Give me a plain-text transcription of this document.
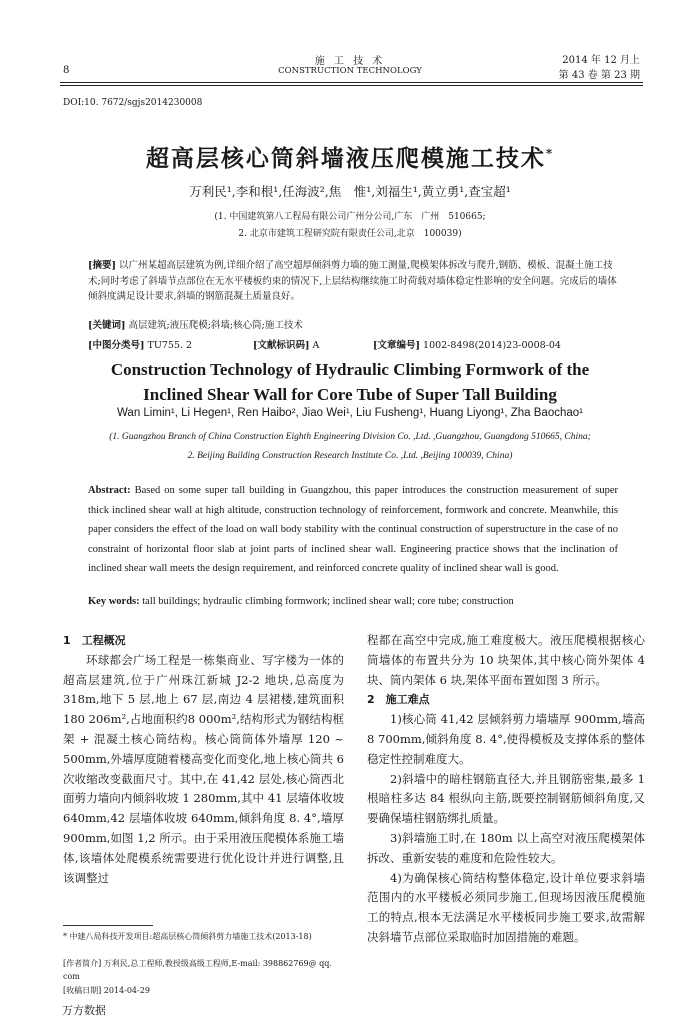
施 工 技 术
CONSTRUCTION TECHNOLOGY
8
2014 年 12 月上
第 43 卷 第 23 期
DOI:10. 7672/sgjs2014230008
超高层核心筒斜墙液压爬模施工技术*
万利民¹,李和根¹,任海波²,焦　惟¹,刘福生¹,黄立勇¹,查宝超¹
(1. 中国建筑第八工程局有限公司广州分公司,广东　广州　510665;
2. 北京市建筑工程研究院有限责任公司,北京　100039)
[摘要] 以广州某超高层建筑为例,详细介绍了高空超厚倾斜剪力墙的施工测量,爬模架体拆改与爬升,钢筋、模板、混凝土施工技术;同时考虑了斜墙节点部位在无水平楼板约束的情况下,上层结构继续施工时荷载对墙体稳定性影响的安全问题。完成后的墙体倾斜度满足设计要求,斜墙的钢筋混凝土质量良好。
[关键词] 高层建筑;液压爬模;斜墙;核心筒;施工技术
[中图分类号] TU755. 2	[文献标识码] A	[文章编号] 1002-8498(2014)23-0008-04
Construction Technology of Hydraulic Climbing Formwork of the
Inclined Shear Wall for Core Tube of Super Tall Building
Wan Limin¹, Li Hegen¹, Ren Haibo², Jiao Wei¹, Liu Fusheng¹, Huang Liyong¹, Zha Baochao¹
(1. Guangzhou Branch of China Construction Eighth Engineering Division Co. ,Ltd. ,Guangzhou, Guangdong 510665, China;
2. Beijing Building Construction Research Institute Co. ,Ltd. ,Beijing 100039, China)
Abstract: Based on some super tall building in Guangzhou, this paper introduces the construction measurement of super thick inclined shear wall at high altitude, construction technology of reinforcement, formwork and concrete. Meanwhile, this paper considers the effect of the load on wall body stability with the continual construction of superstructure in the case of no constraint of horizontal floor slab at joint parts of inclined shear wall. Engineering practice shows that the inclination of inclined shear wall meets the design requirement, and reinforced concrete quality of inclined shear wall is good.
Key words: tall buildings; hydraulic climbing formwork; inclined shear wall; core tube; construction
1　工程概况

环球都会广场工程是一栋集商业、写字楼为一体的超高层建筑,位于广州珠江新城 J2-2 地块,总高度为 318m,地下 5 层,地上 67 层,南边 4 层裙楼,建筑面积180 206m²,占地面积约8 000m²,结构形式为钢结构框架 + 混凝土核心筒结构。核心筒筒体外墙厚 120 ~ 500mm,外墙厚度随着楼高变化而变化,地上核心筒共 6 次收缩改变截面尺寸。其中,在 41,42 层处,核心筒西北面剪力墙向内倾斜收坡 1 280mm,其中 41 层墙体收坡 640mm,42 层墙体收坡 640mm,倾斜角度 8. 4°,墙厚 900mm,如图 1,2 所示。由于采用液压爬模体系施工墙体,该墙体处爬模系统需要进行优化设计并进行调整,且该调整过

程都在高空中完成,施工难度极大。液压爬模根据核心筒墙体的布置共分为 10 块架体,其中核心筒外架体 4 块、筒内架体 6 块,架体平面布置如图 3 所示。

2　施工难点

1)核心筒 41,42 层倾斜剪力墙墙厚 900mm,墙高8 700mm,倾斜角度 8. 4°,使得模板及支撑体系的整体稳定性控制难度大。

2)斜墙中的暗柱钢筋直径大,并且钢筋密集,最多 1 根暗柱多达 84 根纵向主筋,既要控制钢筋倾斜角度,又要确保墙柱钢筋绑扎质量。

3)斜墙施工时,在 180m 以上高空对液压爬模架体拆改、重新安装的难度和危险性较大。

4)为确保核心筒结构整体稳定,设计单位要求斜墙范围内的水平楼板必须同步施工,但现场因液压爬模施工的特点,根本无法满足水平楼板同步施工要求,故需解决斜墙节点部位采取临时加固措施的难题。

* 中建八局科技开发项目:超高层核心筒倾斜剪力墙施工技术(2013-18)
[作者简介] 万利民,总工程师,教授级高级工程师,E-mail: 398862769@ qq. com
[收稿日期] 2014-04-29
万方数据
